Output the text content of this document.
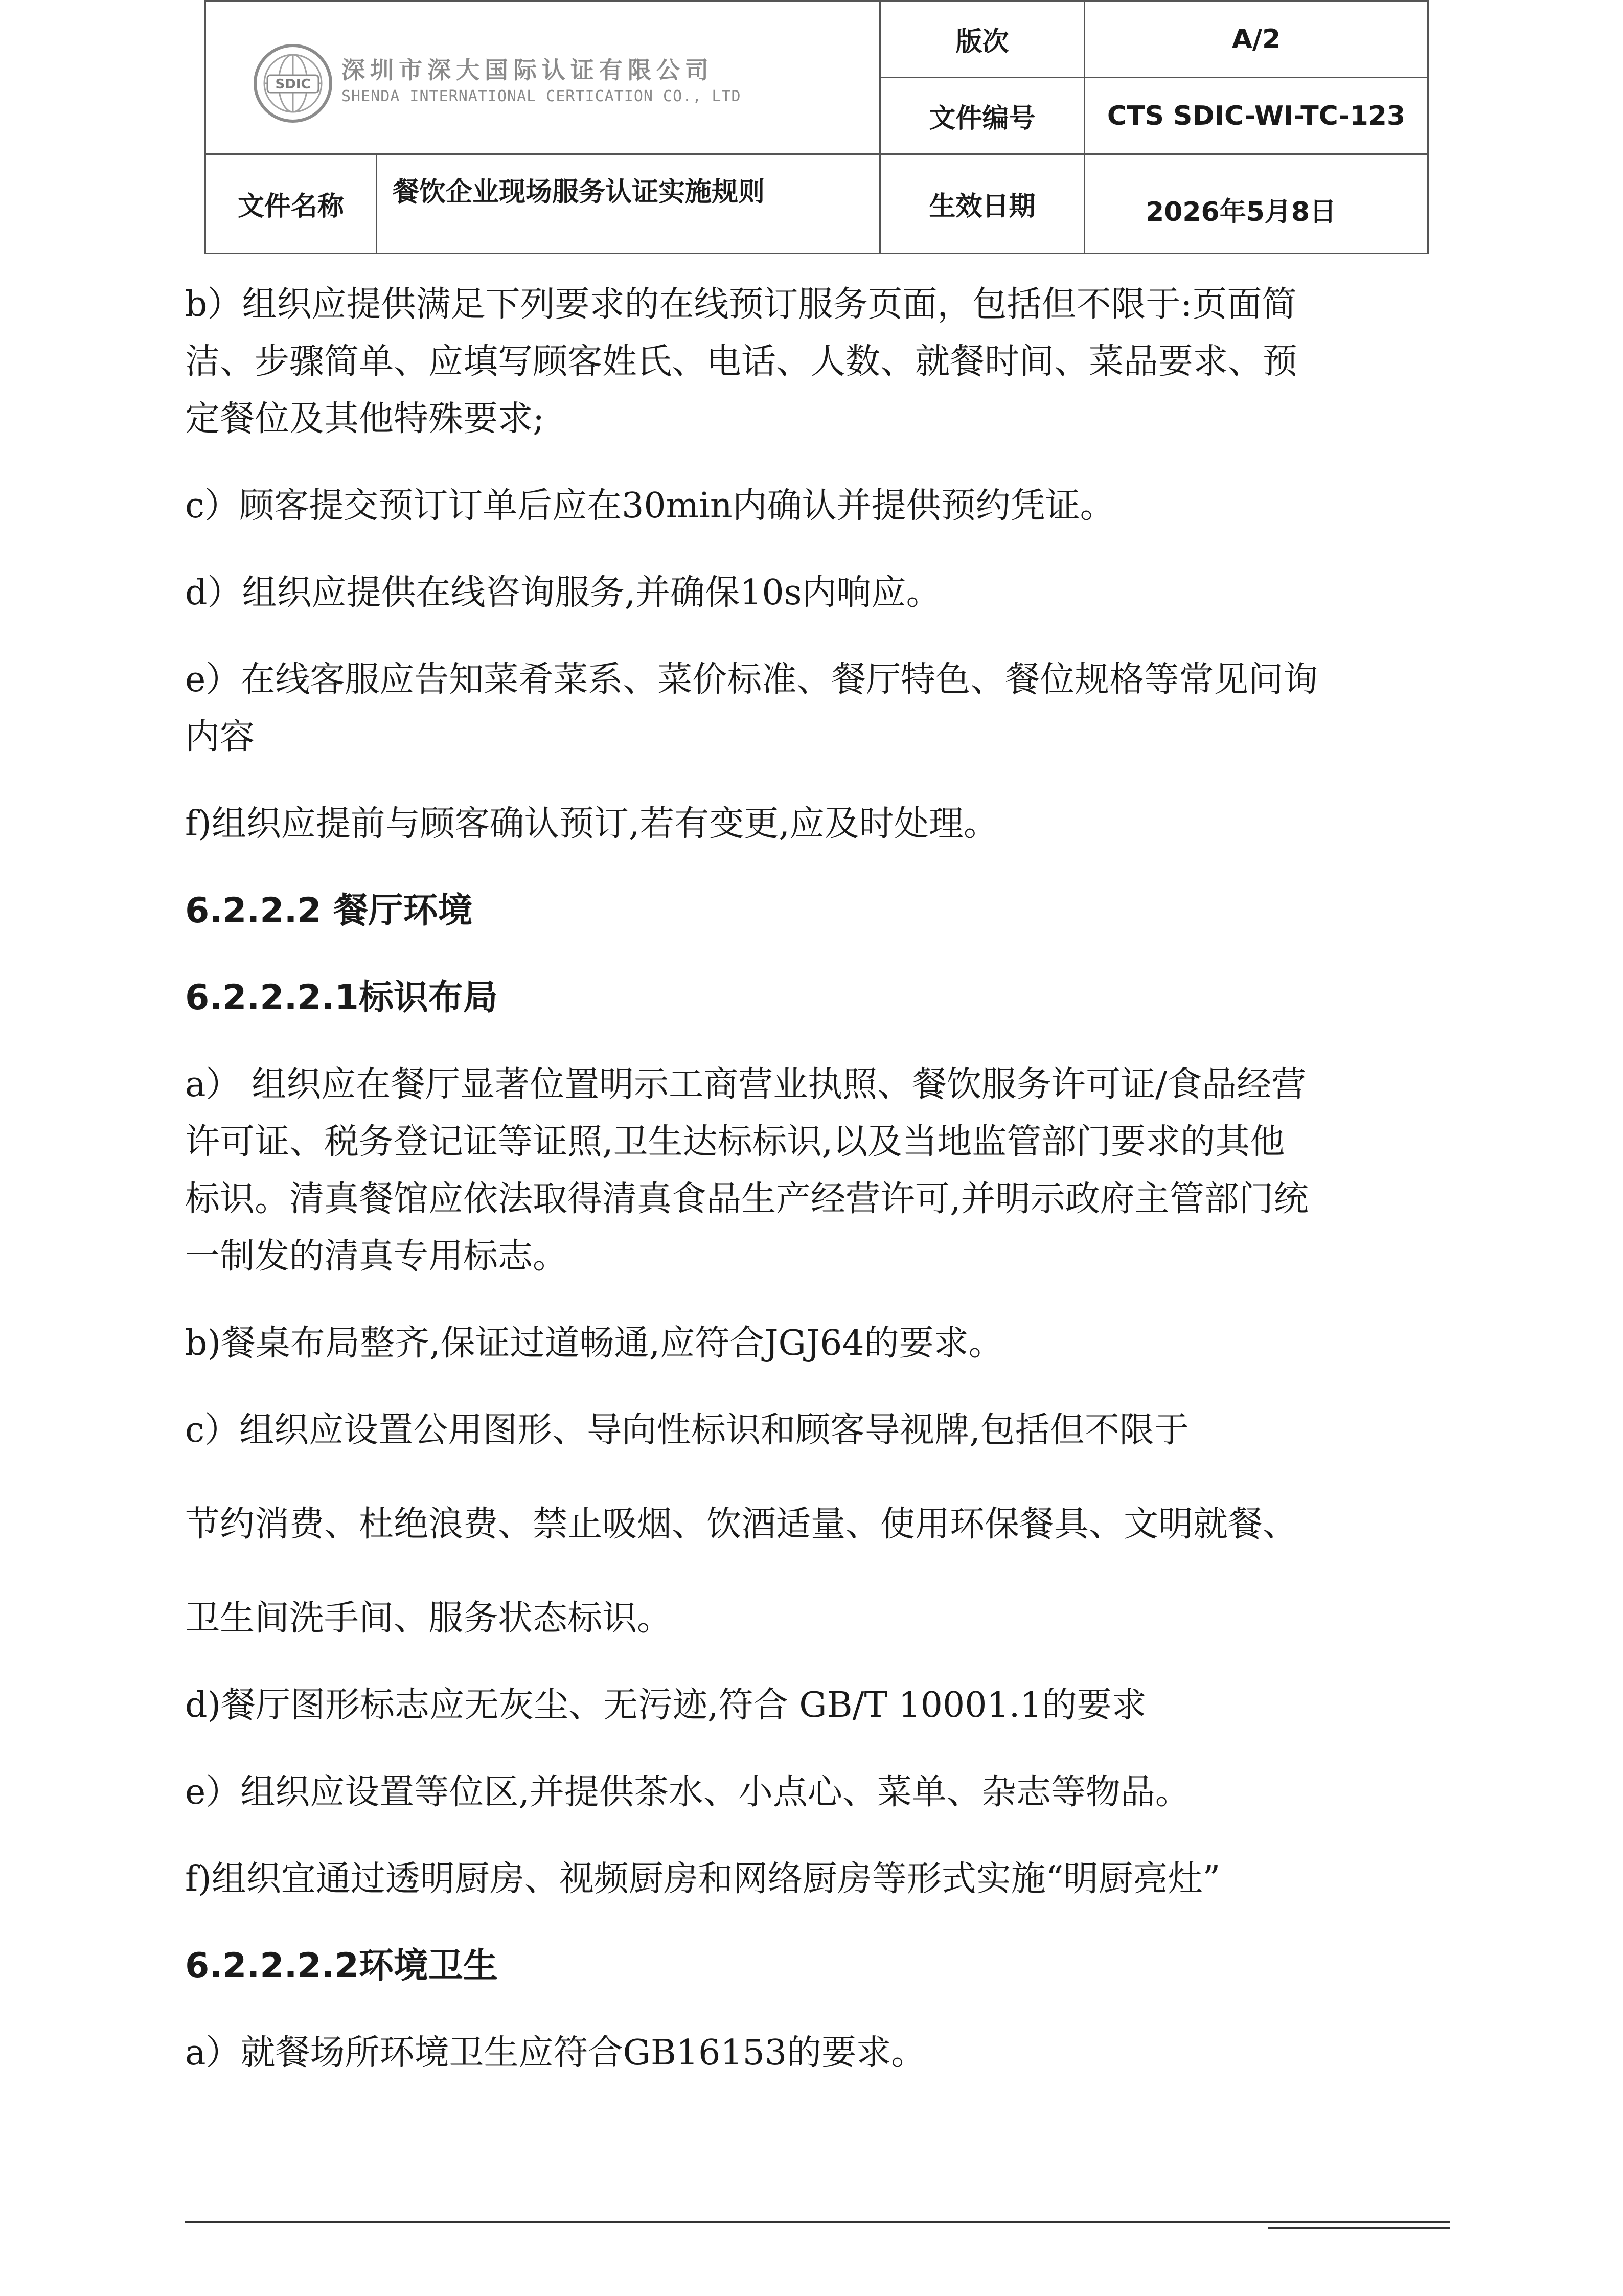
SDIC
深圳市深大国际认证有限公司
SHENDA INTERNATIONAL CERTICATION CO., LTD		版次	A/2
		文件编号	CTS SDIC-WI-TC-123
文件名称	餐饮企业现场服务认证实施规则	生效日期	2026年5月8日

b）组织应提供满足下列要求的在线预订服务页面，包括但不限于:页面简

洁、步骤简单、应填写顾客姓氏、电话、人数、就餐时间、菜品要求、预

定餐位及其他特殊要求;

c）顾客提交预订订单后应在30min内确认并提供预约凭证。

d）组织应提供在线咨询服务,并确保10s内响应。

e）在线客服应告知菜肴菜系、菜价标准、餐厅特色、餐位规格等常见问询

内容

f)组织应提前与顾客确认预订,若有变更,应及时处理。

6.2.2.2 餐厅环境

6.2.2.2.1标识布局

a） 组织应在餐厅显著位置明示工商营业执照、餐饮服务许可证/食品经营

许可证、税务登记证等证照,卫生达标标识,以及当地监管部门要求的其他

标识。清真餐馆应依法取得清真食品生产经营许可,并明示政府主管部门统

一制发的清真专用标志。

b)餐桌布局整齐,保证过道畅通,应符合JGJ64的要求。

c）组织应设置公用图形、导向性标识和顾客导视牌,包括但不限于

节约消费、杜绝浪费、禁止吸烟、饮酒适量、使用环保餐具、文明就餐、

卫生间洗手间、服务状态标识。

d)餐厅图形标志应无灰尘、无污迹,符合 GB/T 10001.1的要求

e）组织应设置等位区,并提供茶水、小点心、菜单、杂志等物品。

f)组织宜通过透明厨房、视频厨房和网络厨房等形式实施“明厨亮灶”

6.2.2.2.2环境卫生

a）就餐场所环境卫生应符合GB16153的要求。
